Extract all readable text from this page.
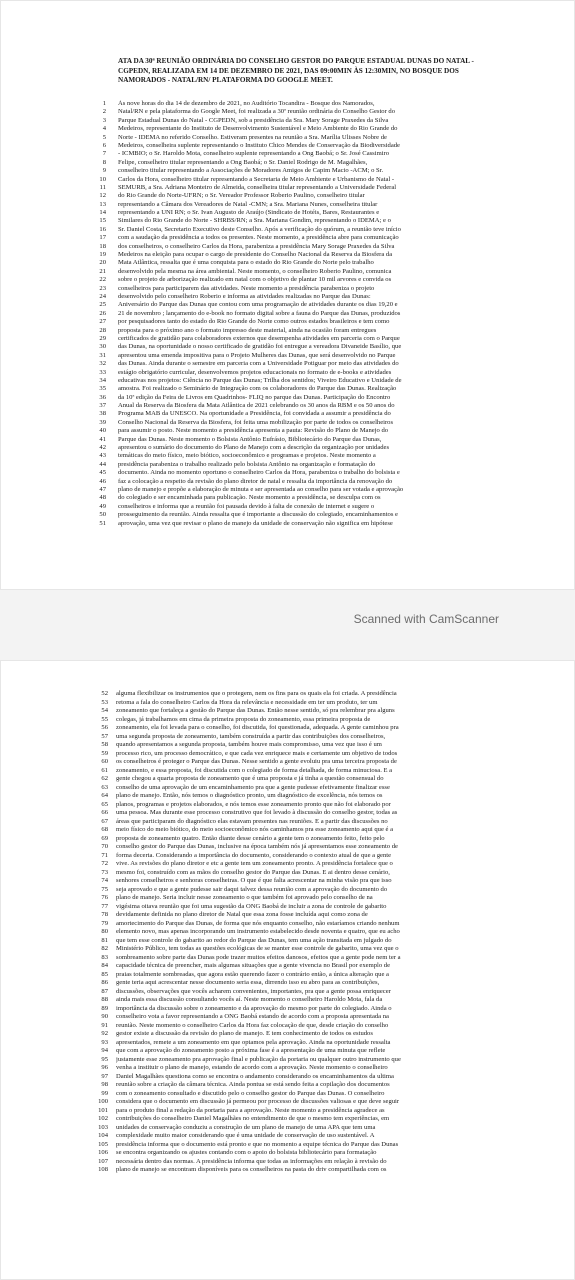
ATA DA 30ª REUNIÃO ORDINÁRIA DO CONSELHO GESTOR DO PARQUE ESTADUAL DUNAS DO NATAL - CGPEDN, REALIZADA EM 14 DE DEZEMBRO DE 2021, DAS 09:00MIN ÀS 12:30MIN, NO BOSQUE DOS NAMORADOS - NATAL/RN/ PLATAFORMA DO GOOGLE MEET.
1 Às nove horas do dia 14 de dezembro de 2021, no Auditório Tocandira - Bosque dos Namorados,
2 Natal/RN e pela plataforma do Google Meet, foi realizada a 30ª reunião ordinária do Conselho Gestor do
3 Parque Estadual Dunas do Natal - CGPEDN, sob a presidência da Sra. Mary Sorage Praxedes da Silva
4 Medeiros, representante do Instituto de Desenvolvimento Sustentável e Meio Ambiente do Rio Grande do
5 Norte - IDEMA no referido Conselho. Estiveram presentes na reunião a Sra. Marília Ulisses Nobre de
6 Medeiros, conselheira suplente representando o Instituto Chico Mendes de Conservação da Biodiversidade
7 - ICMBIO; o Sr. Haroldo Mota, conselheiro suplente representando a Ong Baobá; o Sr. José Cassimiro
8 Felipe, conselheiro titular representando a Ong Baobá; o Sr. Daniel Rodrigo de M. Magalhães,
9 conselheiro titular representando a Associações de Moradores Amigos de Capim Macio -ACM; o Sr.
10 Carlos da Hora, conselheiro titular representando a Secretaria de Meio Ambiente e Urbanismo de Natal -
11 SEMURB, a Sra. Adriana Monteiro de Almeida, conselheira titular representando a Universidade Federal
12 do Rio Grande do Norte-UFRN; o Sr. Vereador Professor Roberio Paulino, conselheiro titular
13 representando a Câmara dos Vereadores de Natal -CMN; a Sra. Mariana Nunes, conselheira titular
14 representando a UNI RN; o Sr. Ivan Augusto de Araújo (Sindicato de Hotéis, Bares, Restaurantes e
15 Similares do Rio Grande do Norte - SHRBS/RN; a Sra. Mariana Gondim, representando o IDEMA; e o
16 Sr. Daniel Costa, Secretario Executivo deste Conselho. Após a verificação do quórum, a reunião teve início
17 com a saudação da presidência a todos os presentes. Neste momento, a presidência abre para comunicação
18 dos conselheiros, o conselheiro Carlos da Hora, parabeniza a presidência Mary Sorage Praxedes da Silva
19 Medeiros na eleição para ocupar o cargo de presidente do Conselho Nacional da Reserva da Biosfera da
20 Mata Atlântica, ressalta que é uma conquista para o estado do Rio Grande do Norte pelo trabalho
21 desenvolvido pela mesma na área ambiental. Neste momento, o conselheiro Roberio Paulino, comunica
22 sobre o projeto de arborização realizado em natal com o objetivo de plantar 10 mil arvores e convida os
23 conselheiros para participarem das atividades. Neste momento a presidência parabeniza o projeto
24 desenvolvido pelo conselheiro Roberio e informa as atividades realizadas no Parque das Dunas:
25 Aniversário do Parque das Dunas que contou com uma programação de atividades durante os dias 19,20 e
26 21 de novembro ; lançamento do e-book no formato digital sobre a fauna do Parque das Dunas, produzidos
27 por pesquisadores tanto do estado do Rio Grande do Norte como outros estados brasileiros e tem como
28 proposta para o próximo ano o formato impresso deste material, ainda na ocasião foram entregues
29 certificados de gratidão para colaboradores externos que desempenha atividades em parceria com o Parque
30 das Dunas, na oportunidade o nosso certificado de gratidão foi entregue a vereadora Divaneide Basílio, que
31 apresentou uma emenda impositiva para o Projeto Mulheres das Dunas, que será desenvolvido no Parque
32 das Dunas. Ainda durante o semestre em parceria com a Universidade Potiguar por meio das atividades do
33 estágio obrigatório curricular, desenvolvemos projetos educacionais no formato de e-books e atividades
34 educativas nos projetos: Ciência no Parque das Dunas; Trilha dos sentidos; Viveiro Educativo e Unidade de
35 amostra. Foi realizado o Seminário de Integração com os colaboradores do Parque das Dunas. Realização
36 da 10ª edição da Feira de Livros em Quadrinhos- FLIQ no parque das Dunas. Participação do Encontro
37 Anual da Reserva da Biosfera da Mata Atlântica de 2021 celebrando os 30 anos da RBM e os 50 anos do
38 Programa MAB da UNESCO. Na oportunidade a Presidência, foi convidada a assumir a presidência do
39 Conselho Nacional da Reserva da Biosfera, foi feita uma mobilização por parte de todos os conselheiros
40 para assumir o posto. Neste momento a presidência apresenta a pauta: Revisão do Plano de Manejo do
41 Parque das Dunas. Neste momento o Bolsista Antônio Eufrásio, Bibliotecário do Parque das Dunas,
42 apresentou o sumário do documento do Plano de Manejo com a descrição da organização por unidades
43 temáticas do meio físico, meio biótico, socioeconômico e programas e projetos. Neste momento a
44 presidência parabeniza o trabalho realizado pelo bolsista Antônio na organização e formatação do
45 documento. Ainda no momento oportuno o conselheiro Carlos da Hora, parabeniza o trabalho do bolsista e
46 faz a colocação a respeito da revisão do plano diretor de natal e ressalta da importância da renovação do
47 plano de manejo e propõe a elaboração de minuta e ser apresentada ao conselho para ser votada e aprovação
48 do colegiado e ser encaminhada para publicação. Neste momento a presidência, se desculpa com os
49 conselheiros e informa que a reunião foi pausada devido à falta de conexão de internet e sugere o
50 prosseguimento da reunião. Ainda ressalta que é importante a discussão do colegiado, encaminhamentos e
51 aprovação, uma vez que revisar o plano de manejo da unidade de conservação não significa em hipótese
Scanned with CamScanner
52 alguma flexibilizar os instrumentos que o protegem, nem os fins para os quais ela foi criada. A presidência
53 retoma a fala do conselheiro Carlos da Hora da relevância e necessidade em ter um produto, ter um
54 zoneamento que fortaleça a gestão do Parque das Dunas. Então nesse sentido, só pra relembrar pra alguns
55 colegas, já trabalhamos em cima da primeira proposta do zoneamento, essa primeira proposta de
56 zoneamento, ela foi levada para o conselho, foi discutida, foi questionada, adequada. A gente caminhou pra
57 uma segunda proposta de zoneamento, também construída a partir das contribuições dos conselheiros,
58 quando apresentamos a segunda proposta, também houve mais compromisso, uma vez que isso é um
59 processo rico, um processo democrático, e que cada vez enriquece mais e certamente um objetivo de todos
60 os conselheiros é proteger o Parque das Dunas. Nesse sentido a gente evoluiu pra uma terceira proposta de
61 zoneamento, e essa proposta, foi discutida com o colegiado de forma detalhada, de forma minuciosa. E a
62 gente chegou a quarta proposta de zoneamento que é uma proposta e já tinha a questão consensual do
63 conselho de uma aprovação de um encaminhamento pra que a gente pudesse efetivamente finalizar esse
64 plano de manejo. Então, nós temos o diagnóstico pronto, um diagnóstico de excelência, nós temos os
65 planos, programas e projetos elaborados, e nós temos esse zoneamento pronto que não foi elaborado por
66 uma pessoa. Mas durante esse processo construtivo que foi levado à discussão do conselho gestor, todas as
67 áreas que participaram do diagnóstico elas estavam presentes nas reuniões. E a partir das discussões no
68 meio físico do meio biótico, do meio socioeconômico nós caminhamos pra esse zoneamento aqui que é a
69 proposta de zoneamento quatro. Então diante desse cenário a gente tem o zoneamento feito, feito pelo
70 conselho gestor do Parque das Dunas, inclusive na época também nós já apresentamos esse zoneamento de
71 forma decerta. Considerando a importância do documento, considerando o contexto atual de que a gente
72 vive. As revisões do plano diretor e etc a gente tem um zoneamento pronto. A presidência fortalece que o
73 mesmo foi, construído com as mãos do conselho gestor do Parque das Dunas. E ai dentro desse cenário,
74 senhores conselheiros e senhoras conselheiras. O que é que falta acrescentar na minha visão pra que isso
75 seja aprovado e que a gente pudesse sair daqui talvez dessa reunião com a aprovação do documento do
76 plano de manejo. Seria incluir nesse zoneamento o que também foi aprovado pelo conselho de na
77 vigésima oitava reunião que foi uma sugestão da ONG Baobá de incluir a zona de controle de gabarito
78 devidamente definida no plano diretor de Natal que essa zona fosse incluída aqui como zona de
79 amortecimento do Parque das Dunas, de forma que nós enquanto conselho, não estaríamos criando nenhum
80 elemento novo, mas apenas incorporando um instrumento estabelecido desde noventa e quatro, que eu acho
81 que tem esse controle do gabarito ao redor do Parque das Dunas, tem uma ação transitada em julgado do
82 Ministério Público, tem todas as questões ecológicas de se manter esse controle de gabarito, uma vez que o
83 sombreamento sobre parte das Dunas pode trazer muitos efeitos danosos, efeitos que a gente pode nem ter a
84 capacidade técnica de preencher, mais algumas situações que a gente vivencia no Brasil por exemplo de
85 praias totalmente sombreadas, que agora estão querendo fazer o contrário então, a única alteração que a
86 gente teria aqui acrescentar nesse documento seria essa, dirrendo isso eu abro para as contribuições,
87 discussões, observações que vocês acharem convenientes, importantes, pra que a gente possa enriquecer
88 ainda mais essa discussão consultando vocês aí. Neste momento o conselheiro Haroldo Mota, fala da
89 importância da discussão sobre o zoneamento e da aprovação do mesmo por parte do colegiado. Ainda o
90 conselheiro vota a favor representando a ONG Baobá estando de acordo com a proposta apresentada na
91 reunião. Neste momento o conselheiro Carlos da Hora faz colocação de que, desde criação do conselho
92 gestor existe a discussão da revisão do plano de manejo. E tem conhecimento de todos os estudos
93 apresentados, remete a um zoneamento em que optamos pela aprovação. Ainda na oportunidade ressalta
94 que com a aprovação do zoneamento posto a próxima fase é a apresentação de uma minuta que reflete
95 justamente esse zoneamento pra aprovação final e publicação da portaria ou qualquer outro instrumento que
96 venha a instituir o plano de manejo, estando de acordo com a aprovação. Neste momento o conselheiro
97 Daniel Magalhães questiona como se encontra o andamento considerando os encaminhamentos da ultima
98 reunião sobre a criação da câmara técnica. Ainda pontua se está sendo feita a copilação dos documentos
99 com o zoneamento consultado e discutido pelo o conselho gestor do Parque das Dunas. O conselheiro
100 considera que o documento em discussão já permeou por processo de discussões valiosas e que deve seguir
101 para o produto final a redação da portaria para a aprovação. Neste momento a presidência agradece as
102 contribuições do conselheiro Daniel Magalhães no entendimento de que o mesmo tem experiências, em
103 unidades de conservação conduziu a construção de um plano de manejo de uma APA que tem uma
104 complexidade muito maior considerando que é uma unidade de conservação de uso sustentável. A
105 presidência informa que o documento está pronto e que no momento a equipe técnica do Parque das Dunas
106 se encontra organizando os ajustes contando com o apoio do bolsista bibliotecário para formatação
107 necessária dentro das normas. A presidência informa que todas as informações em relação à revisão do
108 plano de manejo se encontram disponíveis para os conselheiros na pasta do driv compartilhada com os
